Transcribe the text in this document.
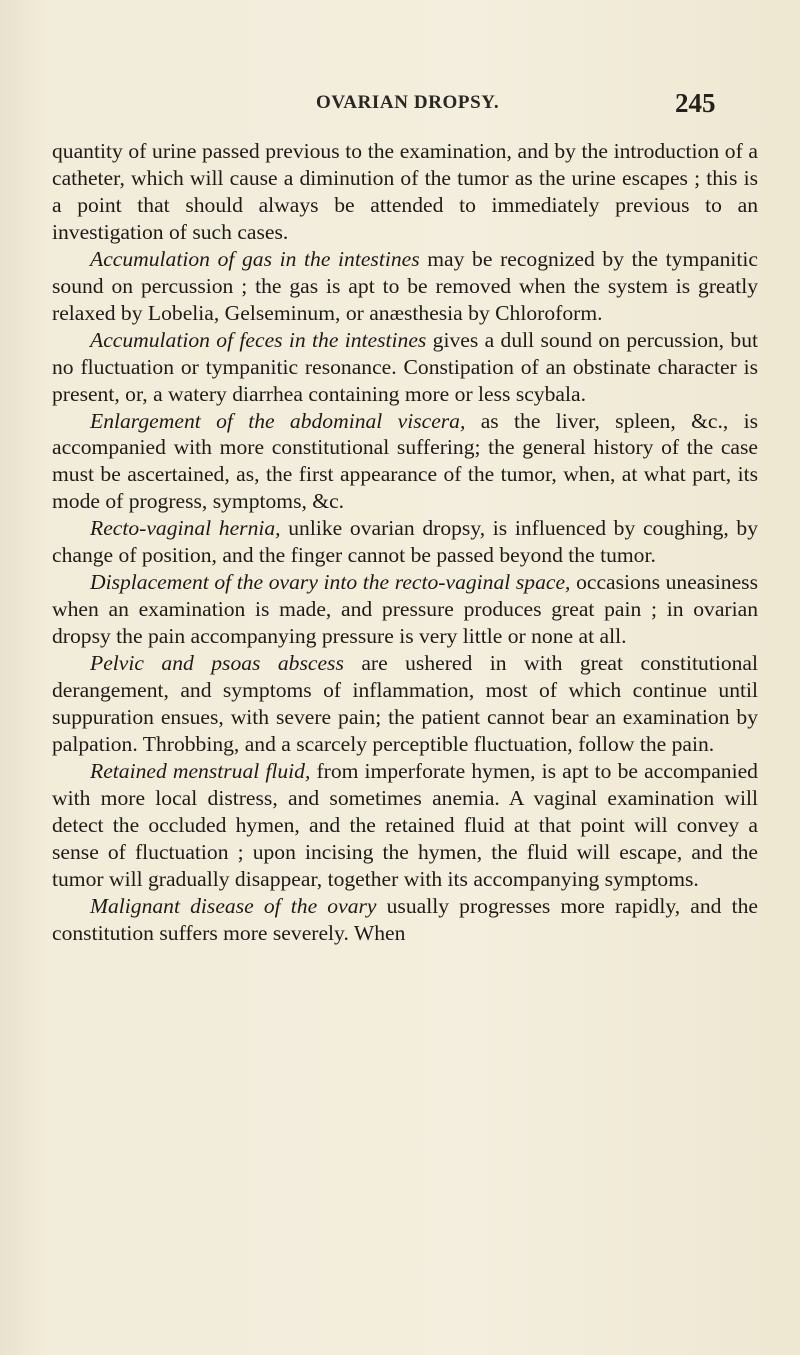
OVARIAN DROPSY.	245

quantity of urine passed previous to the examination, and by the introduction of a catheter, which will cause a diminution of the tumor as the urine escapes ; this is a point that should always be attended to immediately previous to an investigation of such cases.

Accumulation of gas in the intestines may be recognized by the tympanitic sound on percussion ; the gas is apt to be removed when the system is greatly relaxed by Lobelia, Gelseminum, or anæsthesia by Chloroform.

Accumulation of feces in the intestines gives a dull sound on percussion, but no fluctuation or tympanitic resonance. Constipation of an obstinate character is present, or, a watery diarrhea containing more or less scybala.

Enlargement of the abdominal viscera, as the liver, spleen, &c., is accompanied with more constitutional suffering; the general history of the case must be ascertained, as, the first appearance of the tumor, when, at what part, its mode of progress, symptoms, &c.

Recto-vaginal hernia, unlike ovarian dropsy, is influenced by coughing, by change of position, and the finger cannot be passed beyond the tumor.

Displacement of the ovary into the recto-vaginal space, occasions uneasiness when an examination is made, and pressure produces great pain ; in ovarian dropsy the pain accompanying pressure is very little or none at all.

Pelvic and psoas abscess are ushered in with great constitutional derangement, and symptoms of inflammation, most of which continue until suppuration ensues, with severe pain; the patient cannot bear an examination by palpation. Throbbing, and a scarcely perceptible fluctuation, follow the pain.

Retained menstrual fluid, from imperforate hymen, is apt to be accompanied with more local distress, and sometimes anemia. A vaginal examination will detect the occluded hymen, and the retained fluid at that point will convey a sense of fluctuation ; upon incising the hymen, the fluid will escape, and the tumor will gradually disappear, together with its accompanying symptoms.

Malignant disease of the ovary usually progresses more rapidly, and the constitution suffers more severely. When
